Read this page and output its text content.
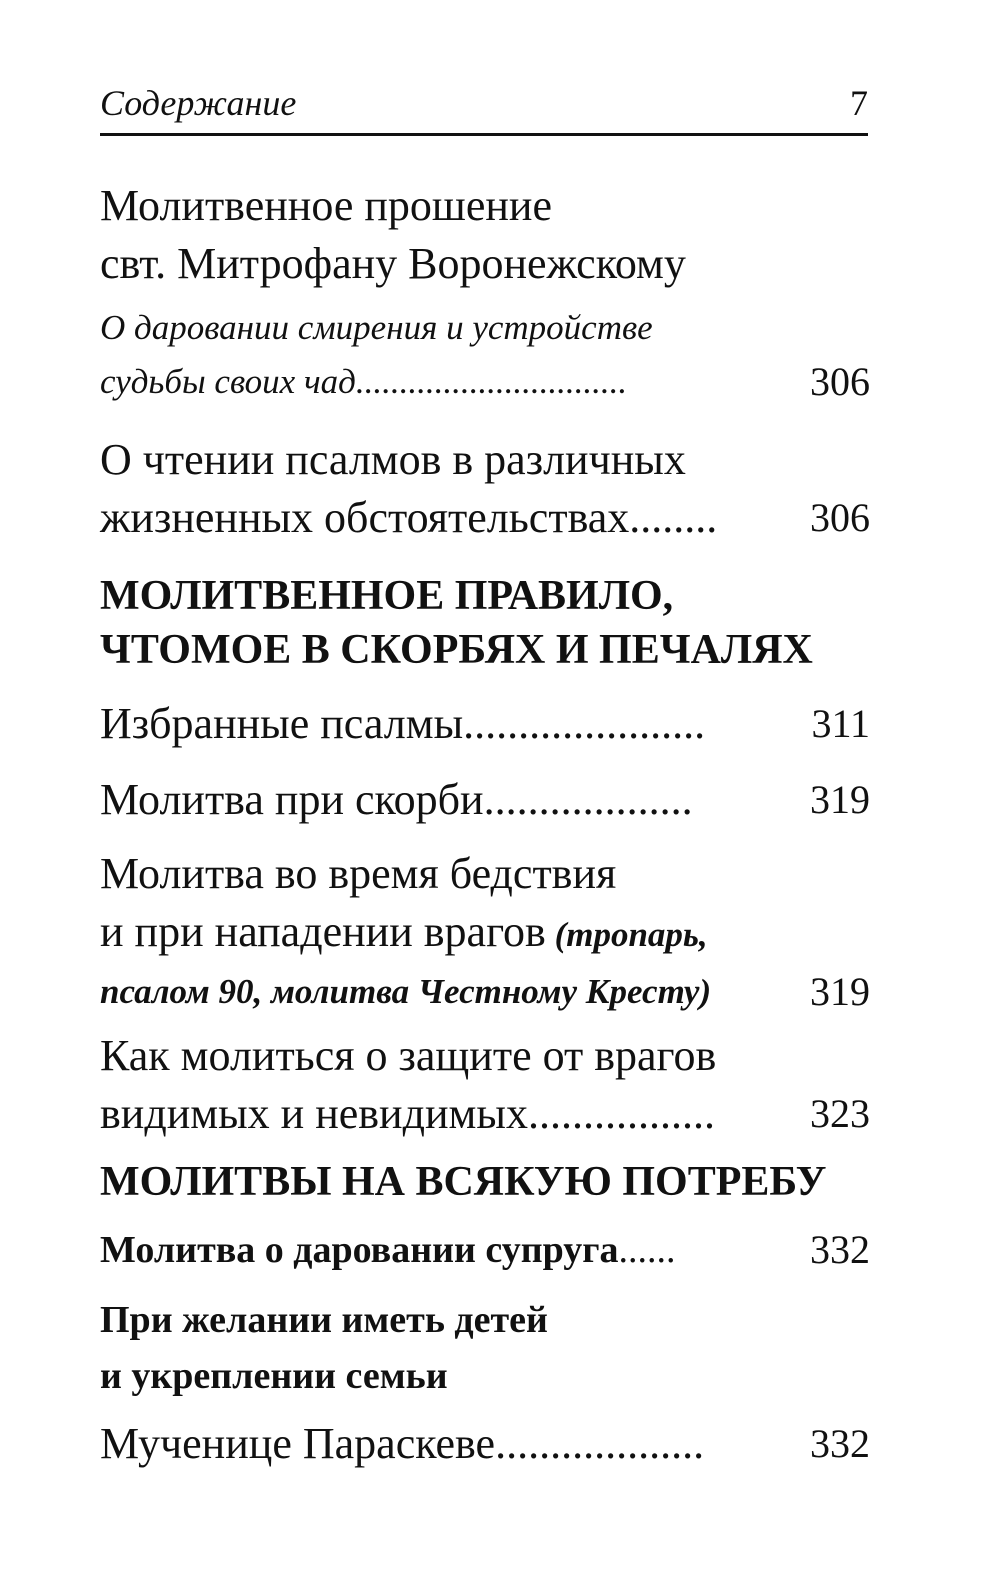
Содержание	7
Молитвенное прошение
свт. Митрофану Воронежскому
О даровании смирения и устройстве
судьбы своих чад...............................	306
О чтении псалмов в различных
жизненных обстоятельствах........ 306
МОЛИТВЕННОЕ ПРАВИЛО,
ЧТОМОЕ В СКОРБЯХ И ПЕЧАЛЯХ
Избранные псалмы......................	311
Молитва при скорби...................	319
Молитва во время бедствия
и при нападении врагов (тропарь,
псалом 90, молитва Честному Кресту) 319
Как молиться о защите от врагов
видимых и невидимых................. 323
МОЛИТВЫ НА ВСЯКУЮ ПОТРЕБУ
Молитва о даровании супруга......	332
При желании иметь детей
и укреплении семьи
Мученице Параскеве...................	332
